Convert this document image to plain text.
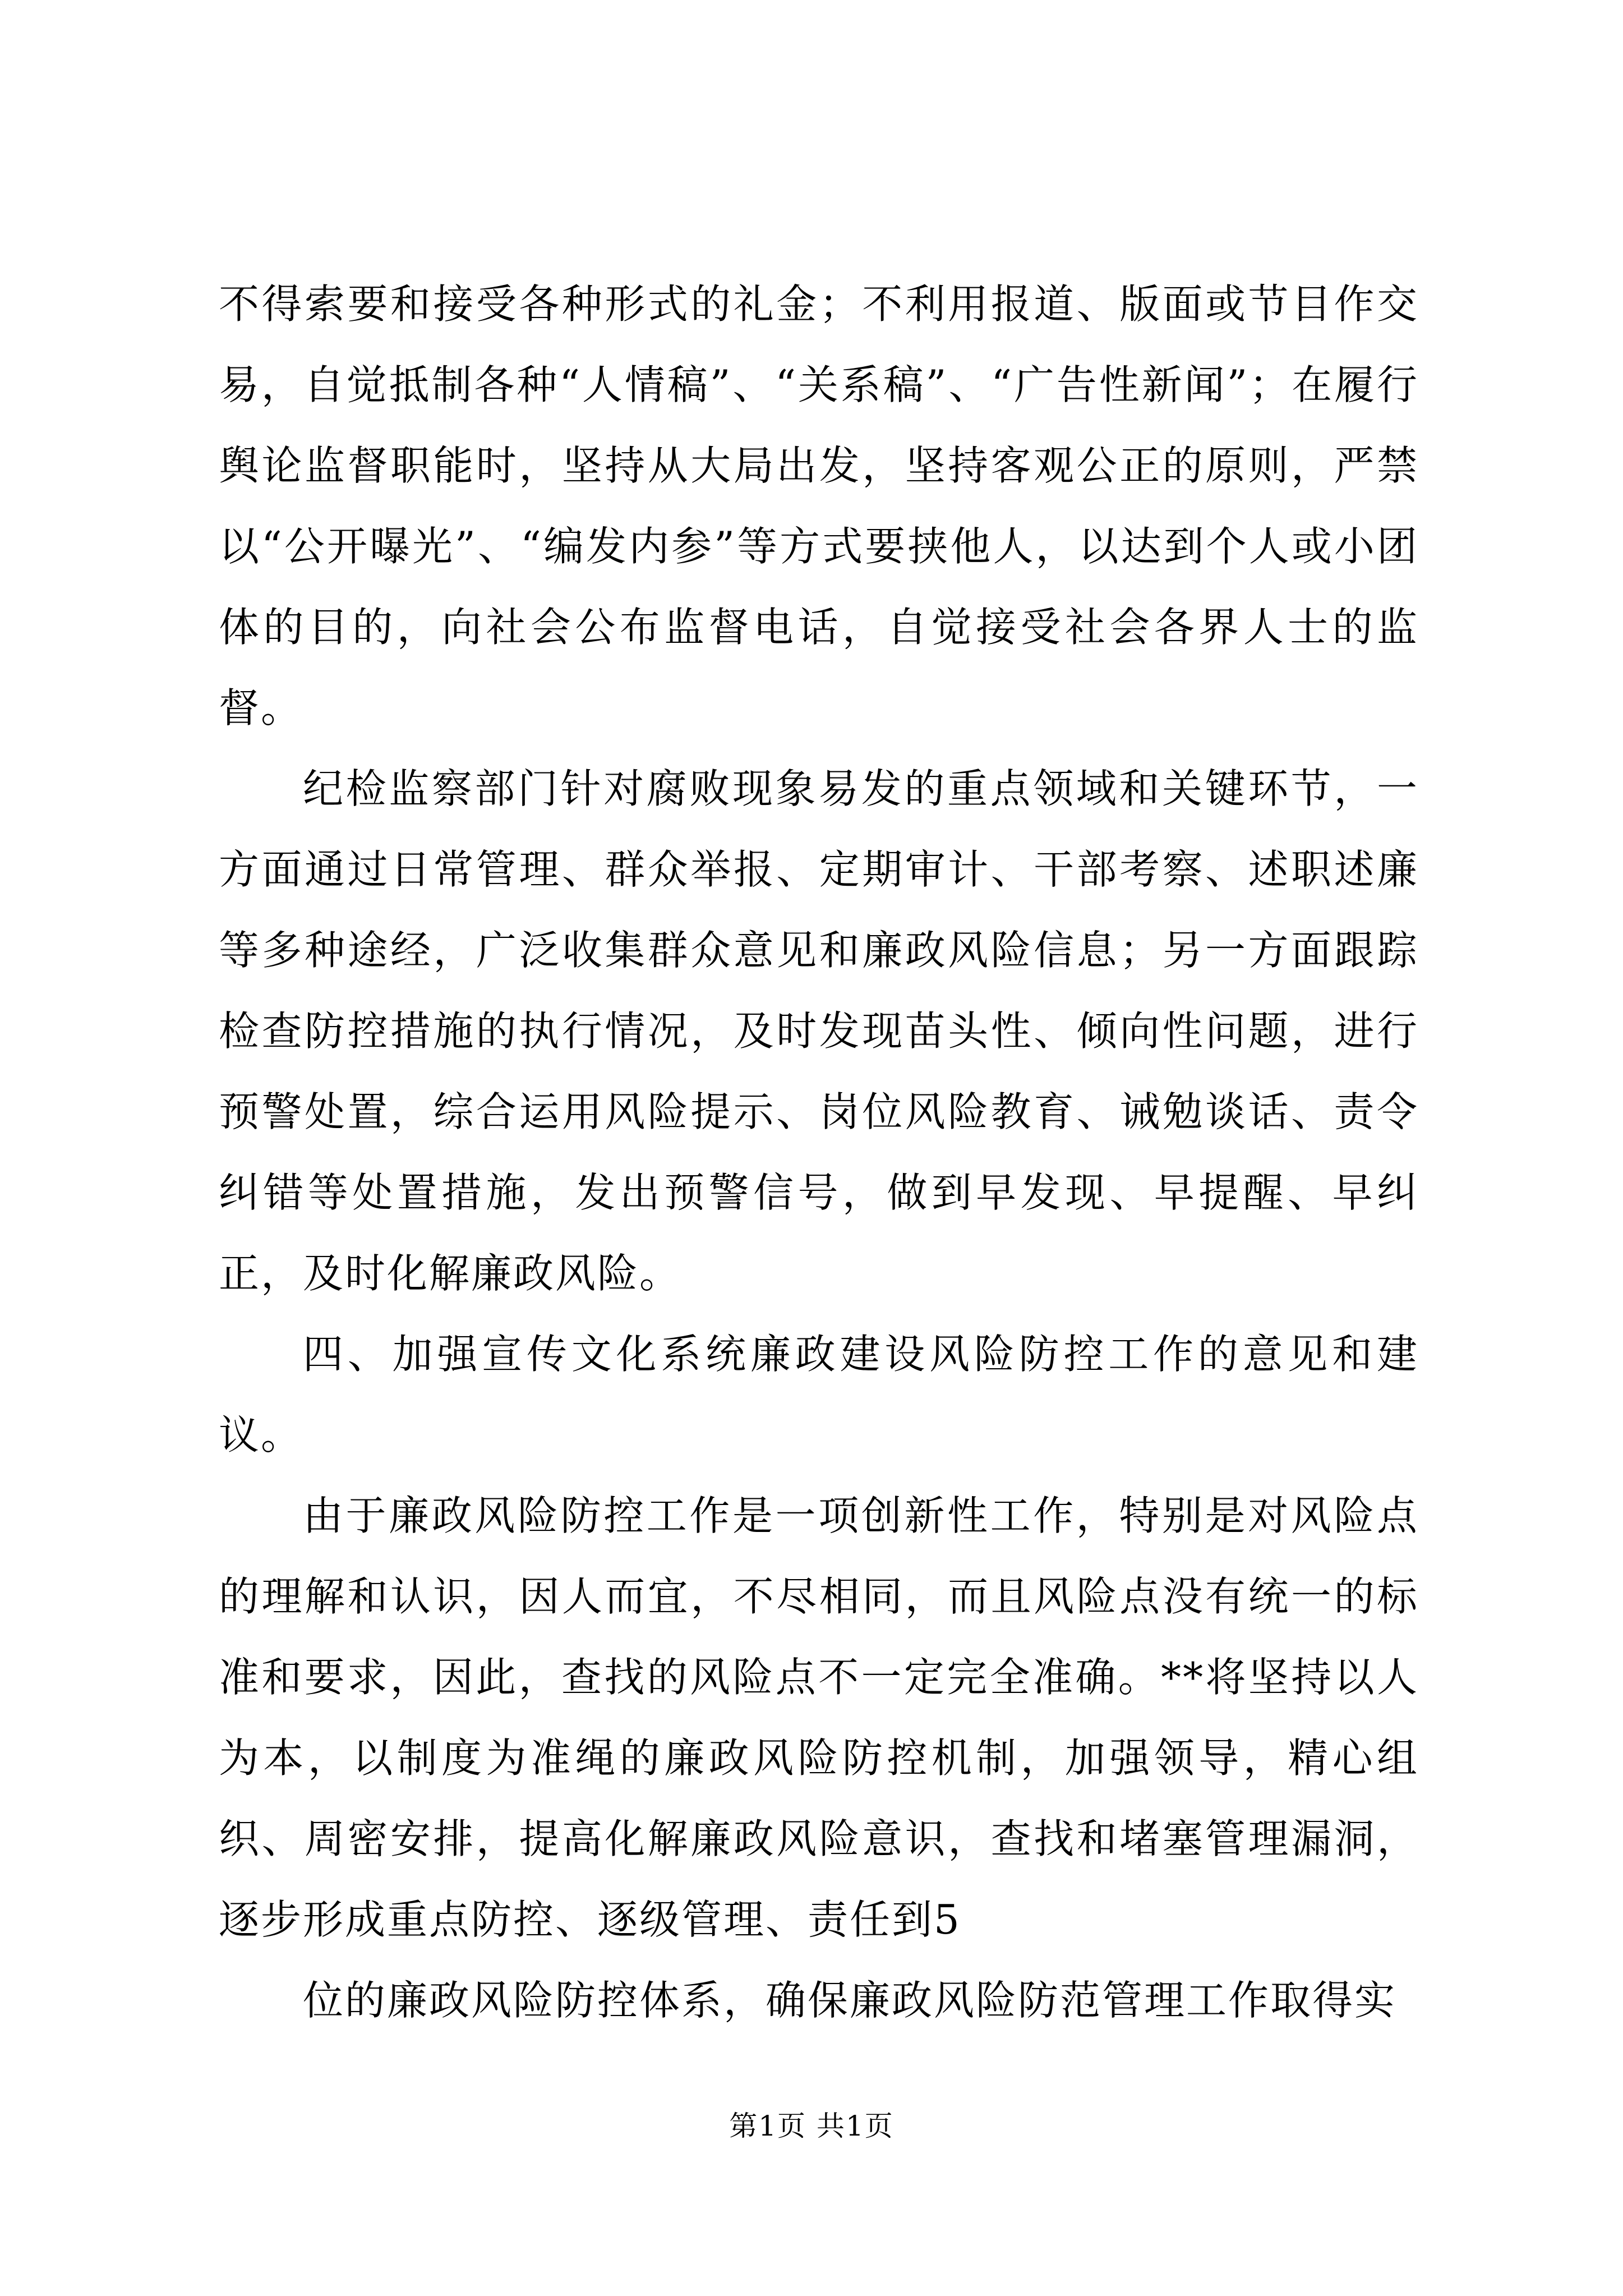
不得索要和接受各种形式的礼金；不利用报道、版面或节目作交易，自觉抵制各种“人情稿”、“关系稿”、“广告性新闻”；在履行舆论监督职能时，坚持从大局出发，坚持客观公正的原则，严禁以“公开曝光”、“编发内参”等方式要挟他人，以达到个人或小团体的目的，向社会公布监督电话，自觉接受社会各界人士的监督。

纪检监察部门针对腐败现象易发的重点领域和关键环节，一方面通过日常管理、群众举报、定期审计、干部考察、述职述廉等多种途经，广泛收集群众意见和廉政风险信息；另一方面跟踪检查防控措施的执行情况，及时发现苗头性、倾向性问题，进行预警处置，综合运用风险提示、岗位风险教育、诫勉谈话、责令纠错等处置措施，发出预警信号，做到早发现、早提醒、早纠正，及时化解廉政风险。

四、加强宣传文化系统廉政建设风险防控工作的意见和建议。

由于廉政风险防控工作是一项创新性工作，特别是对风险点的理解和认识，因人而宜，不尽相同，而且风险点没有统一的标准和要求，因此，查找的风险点不一定完全准确。**将坚持以人为本，以制度为准绳的廉政风险防控机制，加强领导，精心组织、周密安排，提高化解廉政风险意识，查找和堵塞管理漏洞，逐步形成重点防控、逐级管理、责任到5

位的廉政风险防控体系，确保廉政风险防范管理工作取得实

第1页 共1页
